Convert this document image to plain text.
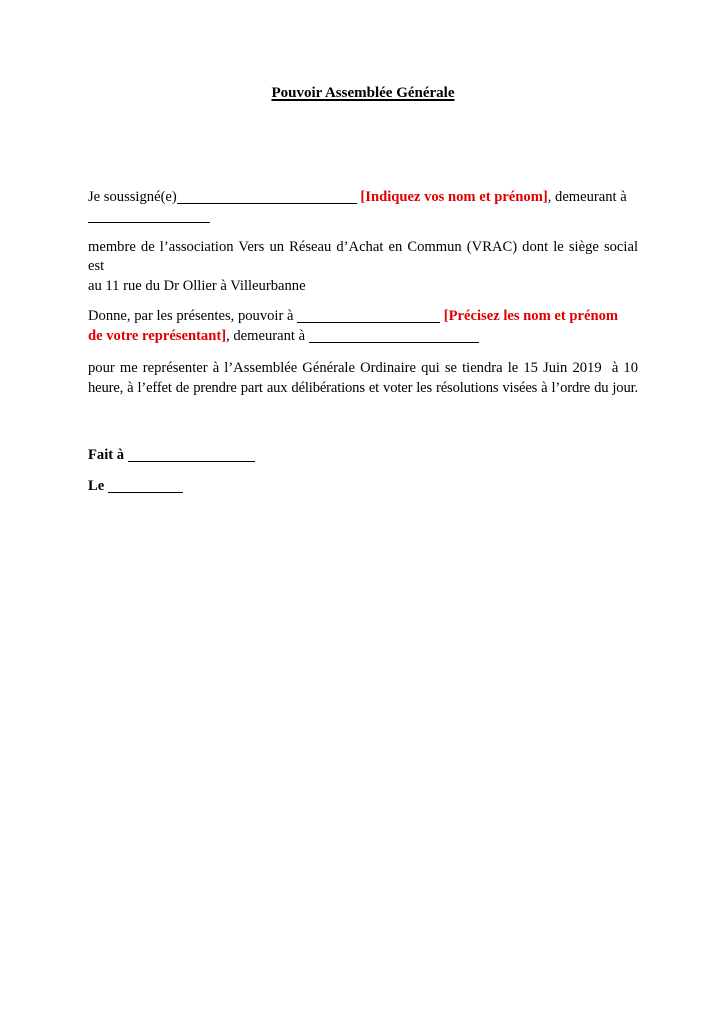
Pouvoir Assemblée Générale
Je soussigné(e)	[Indiquez vos nom et prénom], demeurant à
membre de l’association Vers un Réseau d’Achat en Commun (VRAC) dont le siège social est
au 11 rue du Dr Ollier à Villeurbanne
Donne, par les présentes, pouvoir à	[Précisez les nom et prénom
de votre représentant], demeurant à
pour me représenter à l’Assemblée Générale Ordinaire qui se tiendra le 15 Juin 2019  à 10
heure, à l’effet de prendre part aux délibérations et voter les résolutions visées à l’ordre du jour.
Fait à
Le
